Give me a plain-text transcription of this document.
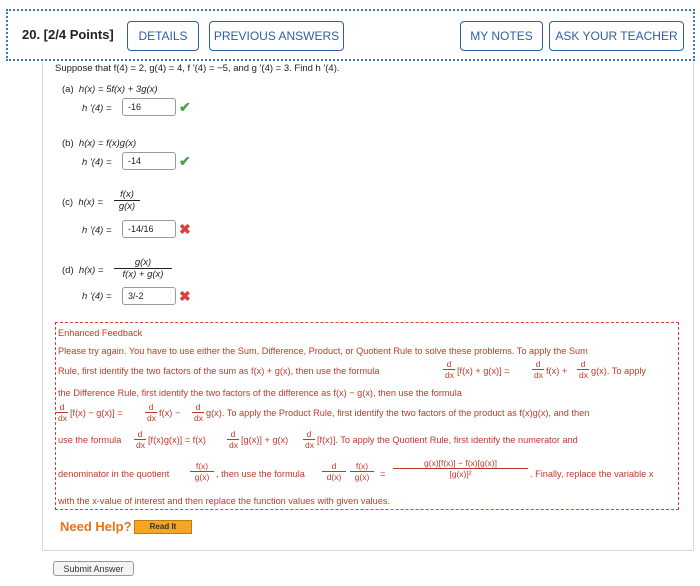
20. [2/4 Points]	DETAILS	PREVIOUS ANSWERS	MY NOTES	ASK YOUR TEACHER
Suppose that f(4) = 2, g(4) = 4, f '(4) = −5, and g '(4) = 3. Find h '(4).
(a) h(x) = 5f(x) + 3g(x)
h '(4) =	-16	✔
(b) h(x) = f(x)g(x)
h '(4) =	-14	✔
(c) $h(x) = \frac{f(x)}{g(x)}$
h '(4) =	-14/16	✖
(d) $h(x) = \frac{g(x)}{f(x) + g(x)}$
h '(4) =	3/-2	✖
Enhanced Feedback
Please try again. You have to use either the Sum, Difference, Product, or Quotient Rule to solve these problems. To apply the Sum
Rule, first identify the two factors of the sum as f(x) + g(x), then use the formula	$\frac{d}{dx} [f(x) + g(x)]$ =	$\frac{d}{dx} f(x) + \frac{d}{dx} g(x)$. To apply
the Difference Rule, first identify the two factors of the difference as f(x) − g(x), then use the formula
$\frac{d}{dx} [f(x) - g(x)]$ =	$\frac{d}{dx} f(x) - \frac{d}{dx} g(x)$. To apply the Product Rule, first identify the two factors of the product as f(x)g(x), and then
use the formula $\frac{d}{dx} [f(x)g(x)] = f(x) \frac{d}{dx} [g(x)] + g(x) \frac{d}{dx} [f(x)]$. To apply the Quotient Rule, first identify the numerator and
denominator in the quotient $\frac{f(x)}{g(x)}$ , then use the formula $\frac{d}{d(x)} \frac{f(x)}{g(x)} = \frac{g(x)[f(x)] - f(x)[g(x)]}{\text{[g(x)]²}}$ . Finally, replace the variable x
with the x-value of interest and then replace the function values with given values.
Need Help?	Read It
Submit Answer
